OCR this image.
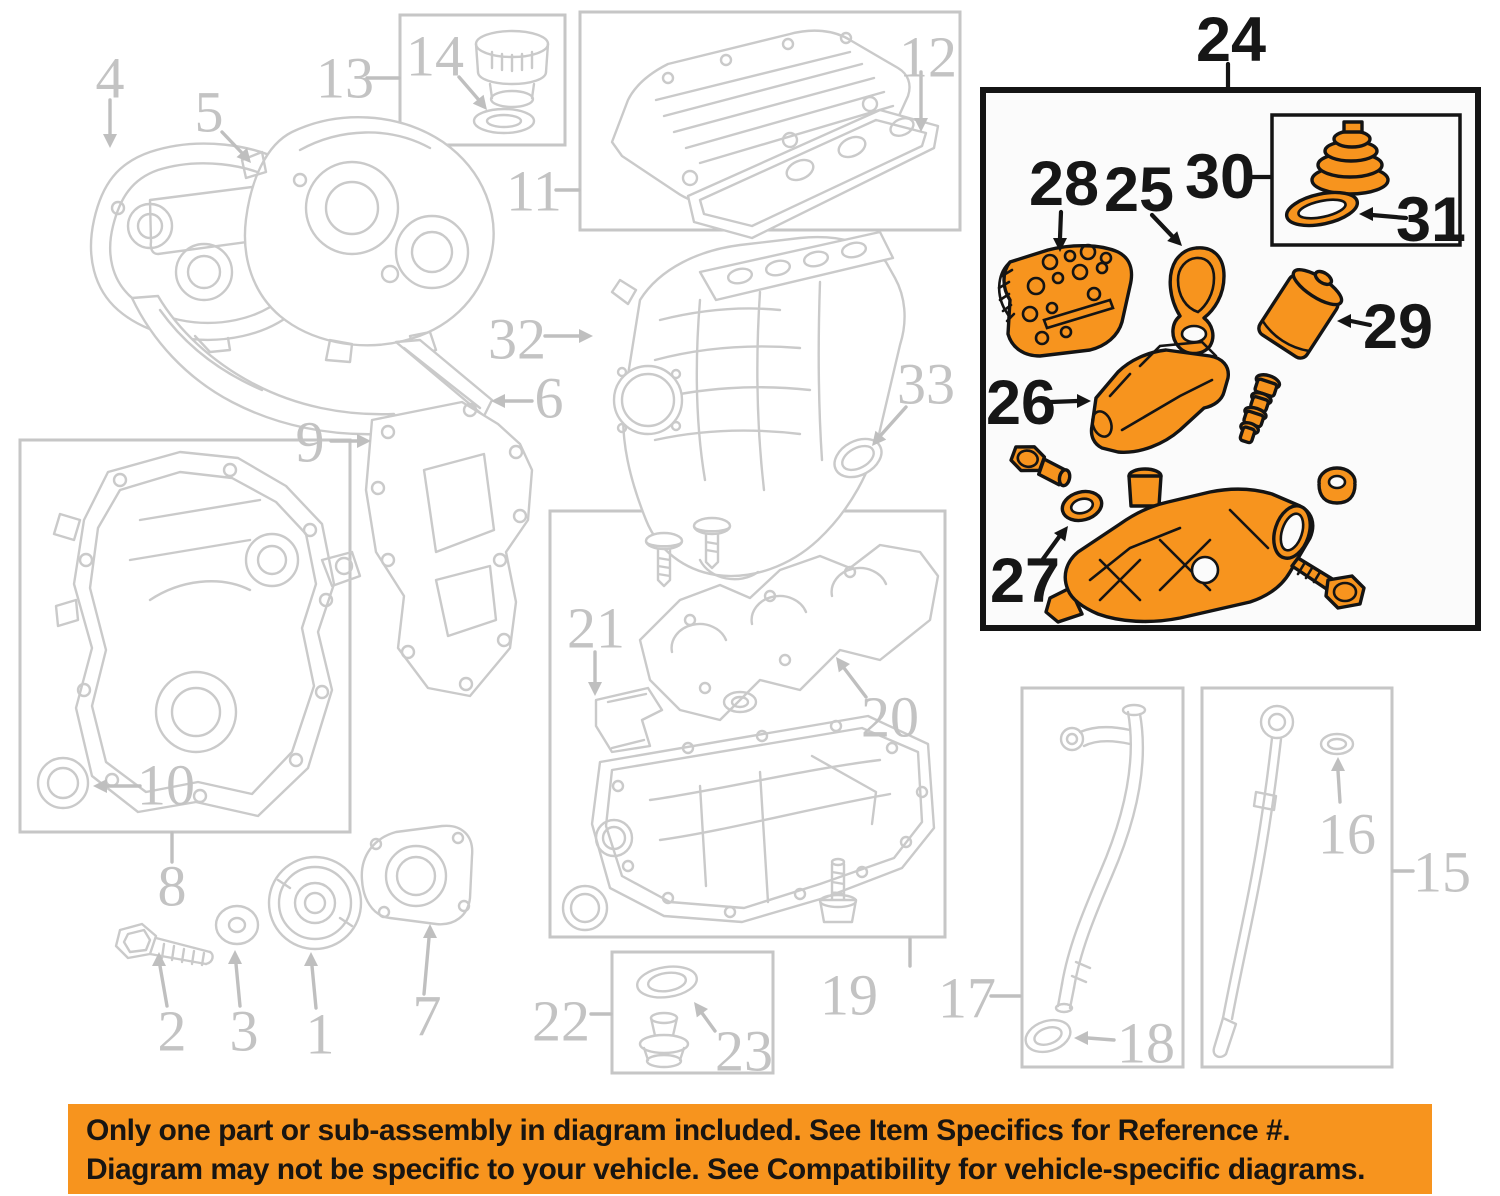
4
5
13 14
11
12
32
33
9
6
10
8
2 3 1 7
21
20
19
22 23
17
18
16
15
24
28 25 30
31
29
26
27
Only one part or sub-assembly in diagram included. See Item Specifics for Reference #.
Diagram may not be specific to your vehicle. See Compatibility for vehicle-specific diagrams.
